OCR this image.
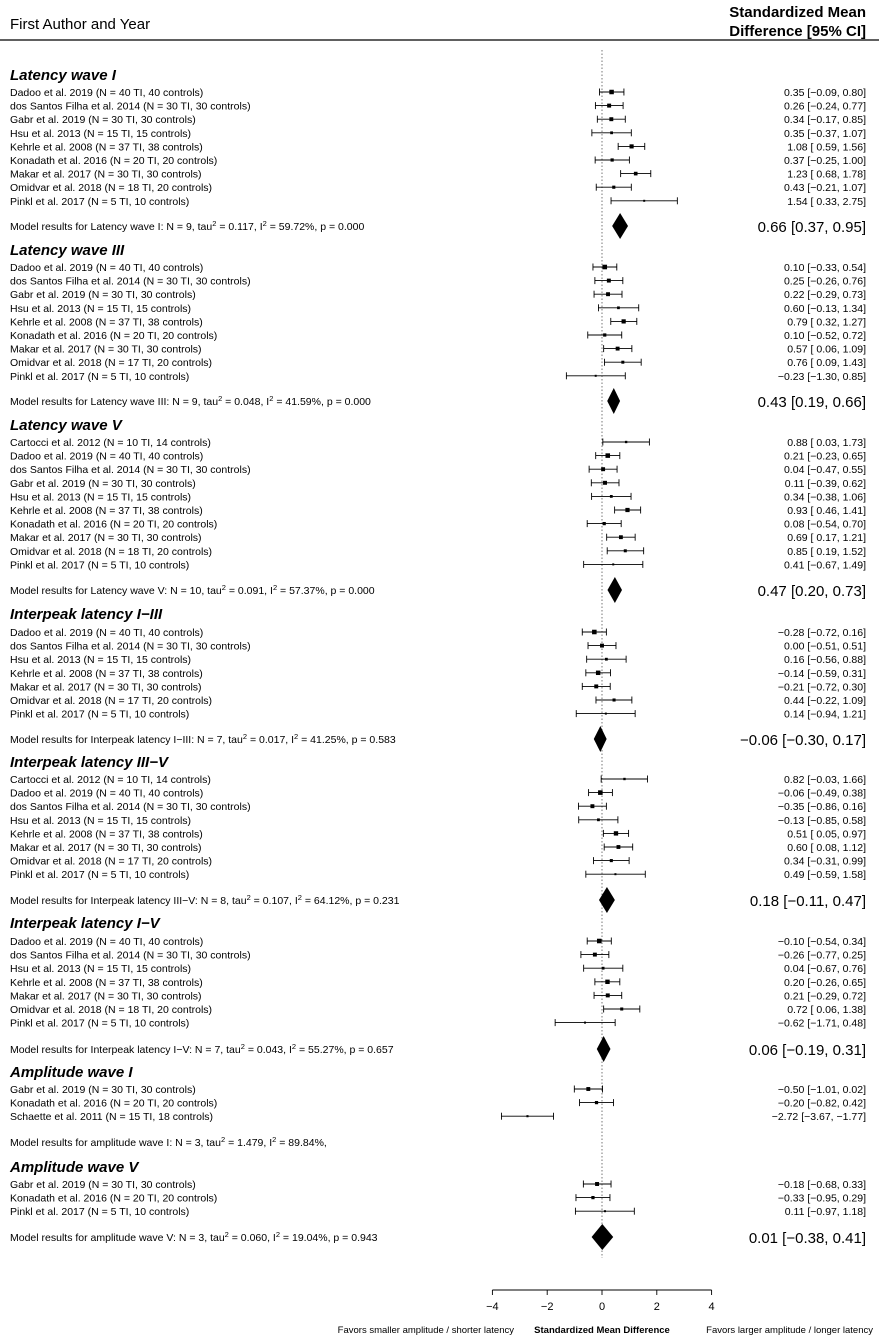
First Author and Year
Standardized Mean
Difference [95% CI]
Latency wave I
Dadoo et al. 2019 (N = 40 TI, 40 controls)	0.35 [−0.09, 0.80]
dos Santos Filha et al. 2014 (N = 30 TI, 30 controls)	0.26 [−0.24, 0.77]
Gabr et al. 2019 (N = 30 TI, 30 controls)	0.34 [−0.17, 0.85]
Hsu et al. 2013 (N = 15 TI, 15 controls)	0.35 [−0.37, 1.07]
Kehrle et al. 2008 (N = 37 TI, 38 controls)	1.08 [ 0.59, 1.56]
Konadath et al. 2016 (N = 20 TI, 20 controls)	0.37 [−0.25, 1.00]
Makar et al. 2017 (N = 30 TI, 30 controls)	1.23 [ 0.68, 1.78]
Omidvar et al. 2018 (N = 18 TI, 20 controls)	0.43 [−0.21, 1.07]
Pinkl et al. 2017 (N = 5 TI, 10 controls)	1.54 [ 0.33, 2.75]
Model results for Latency wave I: N = 9, tau$^2$ = 0.117, $I^2 = 59.72\%$, p = 0.000	0.66 [0.37, 0.95]
Latency wave III
Dadoo et al. 2019 (N = 40 TI, 40 controls)	0.10 [−0.33, 0.54]
dos Santos Filha et al. 2014 (N = 30 TI, 30 controls)	0.25 [−0.26, 0.76]
Gabr et al. 2019 (N = 30 TI, 30 controls)	0.22 [−0.29, 0.73]
Hsu et al. 2013 (N = 15 TI, 15 controls)	0.60 [−0.13, 1.34]
Kehrle et al. 2008 (N = 37 TI, 38 controls)	0.79 [ 0.32, 1.27]
Konadath et al. 2016 (N = 20 TI, 20 controls)	0.10 [−0.52, 0.72]
Makar et al. 2017 (N = 30 TI, 30 controls)	0.57 [ 0.06, 1.09]
Omidvar et al. 2018 (N = 17 TI, 20 controls)	0.76 [ 0.09, 1.43]
Pinkl et al. 2017 (N = 5 TI, 10 controls)	−0.23 [−1.30, 0.85]
Model results for Latency wave III: N = 9, tau$^2$ = 0.048, $I^2 = 41.59\%$, p = 0.000	0.43 [0.19, 0.66]
Latency wave V
Cartocci et al. 2012 (N = 10 TI, 14 controls)	0.88 [ 0.03, 1.73]
Dadoo et al. 2019 (N = 40 TI, 40 controls)	0.21 [−0.23, 0.65]
dos Santos Filha et al. 2014 (N = 30 TI, 30 controls)	0.04 [−0.47, 0.55]
Gabr et al. 2019 (N = 30 TI, 30 controls)	0.11 [−0.39, 0.62]
Hsu et al. 2013 (N = 15 TI, 15 controls)	0.34 [−0.38, 1.06]
Kehrle et al. 2008 (N = 37 TI, 38 controls)	0.93 [ 0.46, 1.41]
Konadath et al. 2016 (N = 20 TI, 20 controls)	0.08 [−0.54, 0.70]
Makar et al. 2017 (N = 30 TI, 30 controls)	0.69 [ 0.17, 1.21]
Omidvar et al. 2018 (N = 18 TI, 20 controls)	0.85 [ 0.19, 1.52]
Pinkl et al. 2017 (N = 5 TI, 10 controls)	0.41 [−0.67, 1.49]
Model results for Latency wave V: N = 10, tau$^2$ = 0.091, $I^2 = 57.37\%$, p = 0.000	0.47 [0.20, 0.73]
Interpeak latency I−III
Dadoo et al. 2019 (N = 40 TI, 40 controls)	−0.28 [−0.72, 0.16]
dos Santos Filha et al. 2014 (N = 30 TI, 30 controls)	0.00 [−0.51, 0.51]
Hsu et al. 2013 (N = 15 TI, 15 controls)	0.16 [−0.56, 0.88]
Kehrle et al. 2008 (N = 37 TI, 38 controls)	−0.14 [−0.59, 0.31]
Makar et al. 2017 (N = 30 TI, 30 controls)	−0.21 [−0.72, 0.30]
Omidvar et al. 2018 (N = 17 TI, 20 controls)	0.44 [−0.22, 1.09]
Pinkl et al. 2017 (N = 5 TI, 10 controls)	0.14 [−0.94, 1.21]
Model results for Interpeak latency I−III: N = 7, tau$^2$ = 0.017, $I^2 = 41.25\%$, p = 0.583	−0.06 [−0.30, 0.17]
Interpeak latency III−V
Cartocci et al. 2012 (N = 10 TI, 14 controls)	0.82 [−0.03, 1.66]
Dadoo et al. 2019 (N = 40 TI, 40 controls)	−0.06 [−0.49, 0.38]
dos Santos Filha et al. 2014 (N = 30 TI, 30 controls)	−0.35 [−0.86, 0.16]
Hsu et al. 2013 (N = 15 TI, 15 controls)	−0.13 [−0.85, 0.58]
Kehrle et al. 2008 (N = 37 TI, 38 controls)	0.51 [ 0.05, 0.97]
Makar et al. 2017 (N = 30 TI, 30 controls)	0.60 [ 0.08, 1.12]
Omidvar et al. 2018 (N = 17 TI, 20 controls)	0.34 [−0.31, 0.99]
Pinkl et al. 2017 (N = 5 TI, 10 controls)	0.49 [−0.59, 1.58]
Model results for Interpeak latency III−V: N = 8, tau$^2$ = 0.107, $I^2 = 64.12\%$, p = 0.231	0.18 [−0.11, 0.47]
Interpeak latency I−V
Dadoo et al. 2019 (N = 40 TI, 40 controls)	−0.10 [−0.54, 0.34]
dos Santos Filha et al. 2014 (N = 30 TI, 30 controls)	−0.26 [−0.77, 0.25]
Hsu et al. 2013 (N = 15 TI, 15 controls)	0.04 [−0.67, 0.76]
Kehrle et al. 2008 (N = 37 TI, 38 controls)	0.20 [−0.26, 0.65]
Makar et al. 2017 (N = 30 TI, 30 controls)	0.21 [−0.29, 0.72]
Omidvar et al. 2018 (N = 18 TI, 20 controls)	0.72 [ 0.06, 1.38]
Pinkl et al. 2017 (N = 5 TI, 10 controls)	−0.62 [−1.71, 0.48]
Model results for Interpeak latency I−V: N = 7, tau$^2$ = 0.043, $I^2 = 55.27\%$, p = 0.657	0.06 [−0.19, 0.31]
Amplitude wave I
Gabr et al. 2019 (N = 30 TI, 30 controls)	−0.50 [−1.01, 0.02]
Konadath et al. 2016 (N = 20 TI, 20 controls)	−0.20 [−0.82, 0.42]
Schaette et al. 2011 (N = 15 TI, 18 controls)	−2.72 [−3.67, −1.77]
Model results for amplitude wave I: N = 3, tau$^2$ = 1.479, $I^2 = 89.84\%$,
Amplitude wave V
Gabr et al. 2019 (N = 30 TI, 30 controls)	−0.18 [−0.68, 0.33]
Konadath et al. 2016 (N = 20 TI, 20 controls)	−0.33 [−0.95, 0.29]
Pinkl et al. 2017 (N = 5 TI, 10 controls)	0.11 [−0.97, 1.18]
Model results for amplitude wave V: N = 3, tau$^2$ = 0.060, $I^2 = 19.04\%$, p = 0.943	0.01 [−0.38, 0.41]
−4	−2	0	2	4
Standardized Mean Difference
Favors smaller amplitude / shorter latency	Favors larger amplitude / longer latency
